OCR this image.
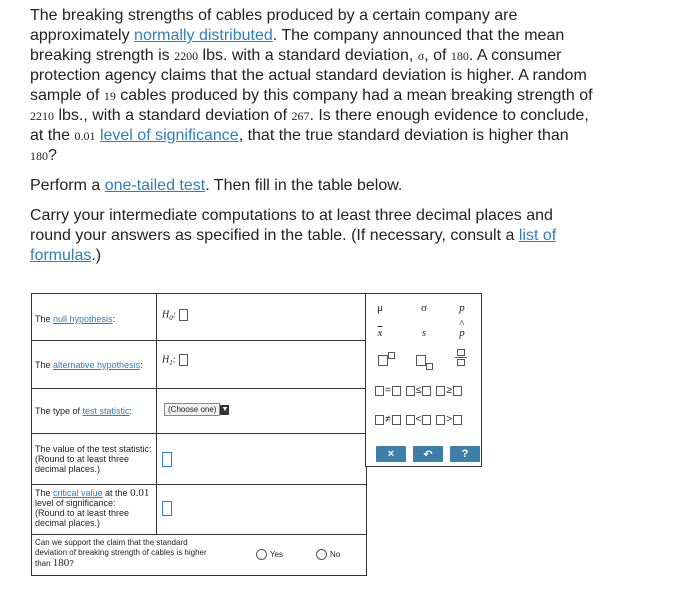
The breaking strengths of cables produced by a certain company are approximately normally distributed. The company announced that the mean breaking strength is 2200 lbs. with a standard deviation, σ, of 180. A consumer protection agency claims that the actual standard deviation is higher. A random sample of 19 cables produced by this company had a mean breaking strength of 2210 lbs., with a standard deviation of 267. Is there enough evidence to conclude, at the 0.01 level of significance, that the true standard deviation is higher than 180?

Perform a one-tailed test. Then fill in the table below.

Carry your intermediate computations to at least three decimal places and round your answers as specified in the table. (If necessary, consult a list of formulas.)

The null hypothesis:	$H_0$:
The alternative hypothesis: $H_1$:
The type of test statistic:	(Choose one) ▼
The value of the test statistic:
(Round to at least three
decimal places.)
The critical value at the 0.01
level of significance:
(Round to at least three
decimal places.)
Can we support the claim that the standard
deviation of breaking strength of cables is higher
than 180?
Yes	No
μ	σ	p
$\overline{x}$	s
^
p
=	≤	≥
≠	<	>
×	↶	?
